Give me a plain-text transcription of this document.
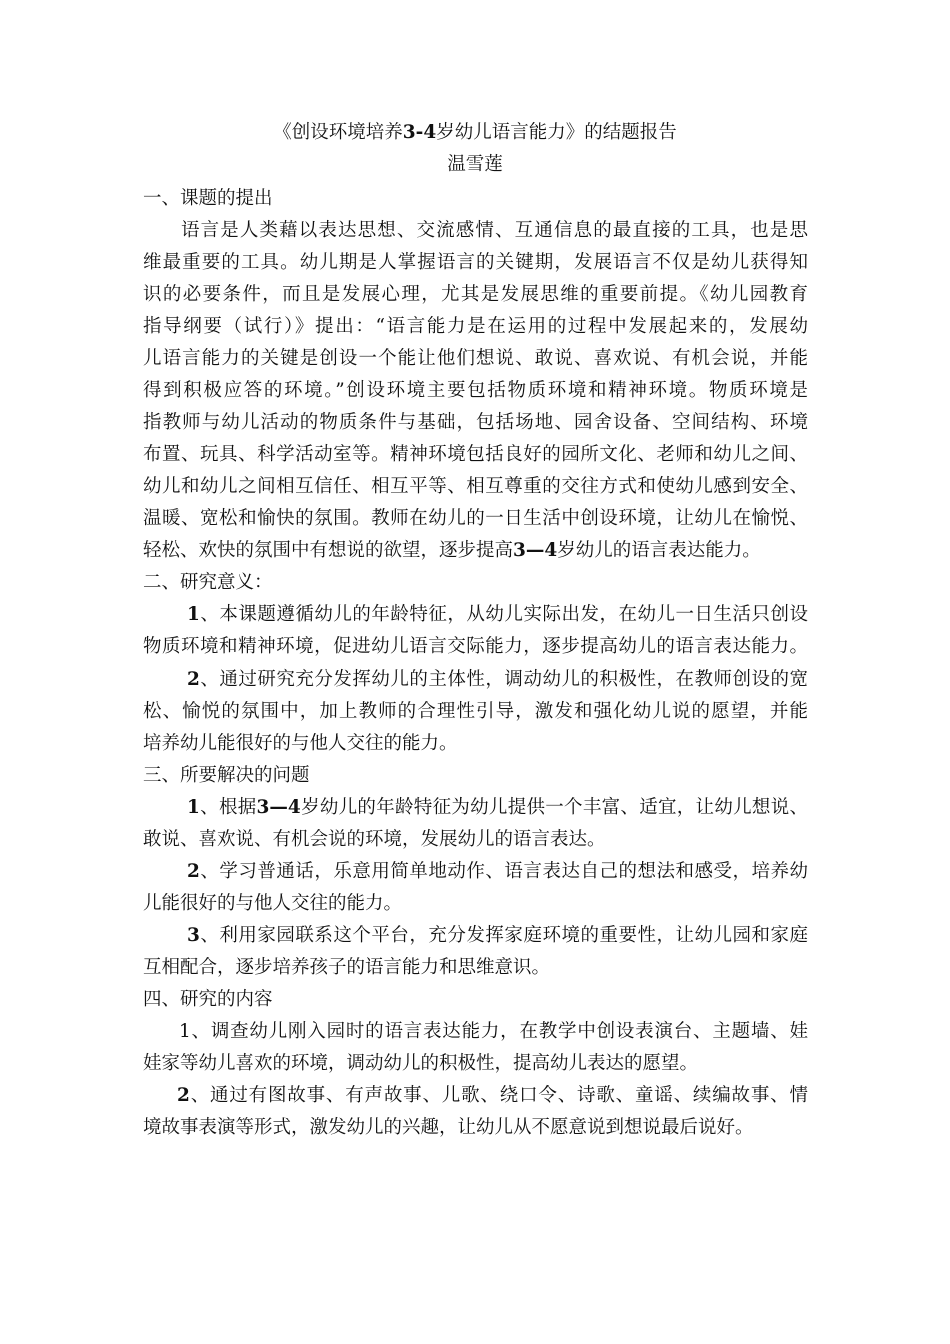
《创设环境培养3-4岁幼儿语言能力》的结题报告
温雪莲
一、课题的提出
语言是人类藉以表达思想、交流感情、互通信息的最直接的工具，也是思
维最重要的工具。幼儿期是人掌握语言的关键期，发展语言不仅是幼儿获得知
识的必要条件，而且是发展心理，尤其是发展思维的重要前提。《幼儿园教育
指导纲要（试行）》提出：“语言能力是在运用的过程中发展起来的，发展幼
儿语言能力的关键是创设一个能让他们想说、敢说、喜欢说、有机会说，并能
得到积极应答的环境。”创设环境主要包括物质环境和精神环境。物质环境是
指教师与幼儿活动的物质条件与基础，包括场地、园舍设备、空间结构、环境
布置、玩具、科学活动室等。精神环境包括良好的园所文化、老师和幼儿之间、
幼儿和幼儿之间相互信任、相互平等、相互尊重的交往方式和使幼儿感到安全、
温暖、宽松和愉快的氛围。教师在幼儿的一日生活中创设环境，让幼儿在愉悦、
轻松、欢快的氛围中有想说的欲望，逐步提高3—4岁幼儿的语言表达能力。
二、研究意义：
1、本课题遵循幼儿的年龄特征，从幼儿实际出发，在幼儿一日生活只创设
物质环境和精神环境，促进幼儿语言交际能力，逐步提高幼儿的语言表达能力。
2、通过研究充分发挥幼儿的主体性，调动幼儿的积极性，在教师创设的宽
松、愉悦的氛围中，加上教师的合理性引导，激发和强化幼儿说的愿望，并能
培养幼儿能很好的与他人交往的能力。
三、所要解决的问题
1、根据3—4岁幼儿的年龄特征为幼儿提供一个丰富、适宜，让幼儿想说、
敢说、喜欢说、有机会说的环境，发展幼儿的语言表达。
2、学习普通话，乐意用简单地动作、语言表达自己的想法和感受，培养幼
儿能很好的与他人交往的能力。
3、利用家园联系这个平台，充分发挥家庭环境的重要性，让幼儿园和家庭
互相配合，逐步培养孩子的语言能力和思维意识。
四、研究的内容
1、调查幼儿刚入园时的语言表达能力，在教学中创设表演台、主题墙、娃
娃家等幼儿喜欢的环境，调动幼儿的积极性，提高幼儿表达的愿望。
2、通过有图故事、有声故事、儿歌、绕口令、诗歌、童谣、续编故事、情
境故事表演等形式，激发幼儿的兴趣，让幼儿从不愿意说到想说最后说好。
